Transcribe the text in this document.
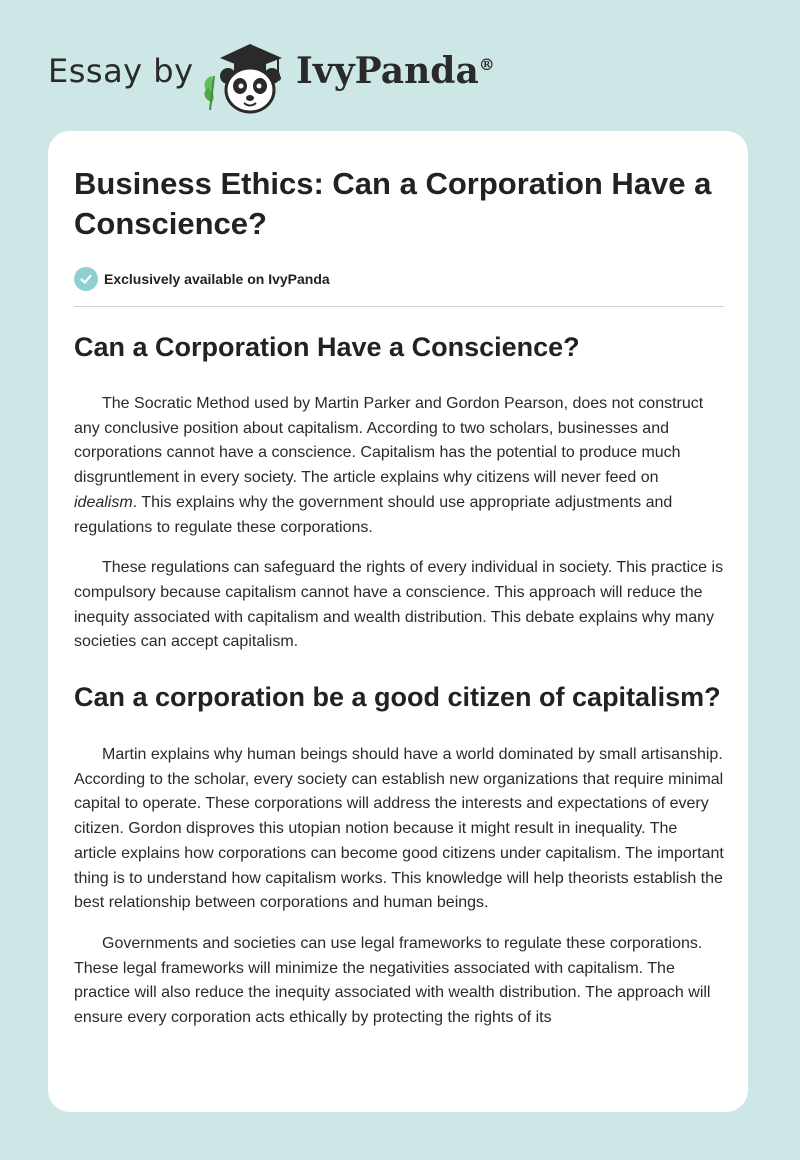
Essay by	IvyPanda®
Business Ethics: Can a Corporation Have a Conscience?
Exclusively available on IvyPanda
Can a Corporation Have a Conscience?

The Socratic Method used by Martin Parker and Gordon Pearson, does not construct any conclusive position about capitalism. According to two scholars, businesses and corporations cannot have a conscience. Capitalism has the potential to produce much disgruntlement in every society. The article explains why citizens will never feed on idealism. This explains why the government should use appropriate adjustments and regulations to regulate these corporations.

These regulations can safeguard the rights of every individual in society. This practice is compulsory because capitalism cannot have a conscience. This approach will reduce the inequity associated with capitalism and wealth distribution. This debate explains why many societies can accept capitalism.

Can a corporation be a good citizen of capitalism?

Martin explains why human beings should have a world dominated by small artisanship. According to the scholar, every society can establish new organizations that require minimal capital to operate. These corporations will address the interests and expectations of every citizen. Gordon disproves this utopian notion because it might result in inequality. The article explains how corporations can become good citizens under capitalism. The important thing is to understand how capitalism works. This knowledge will help theorists establish the best relationship between corporations and human beings.

Governments and societies can use legal frameworks to regulate these corporations. These legal frameworks will minimize the negativities associated with capitalism. The practice will also reduce the inequity associated with wealth distribution. The approach will ensure every corporation acts ethically by protecting the rights of its
